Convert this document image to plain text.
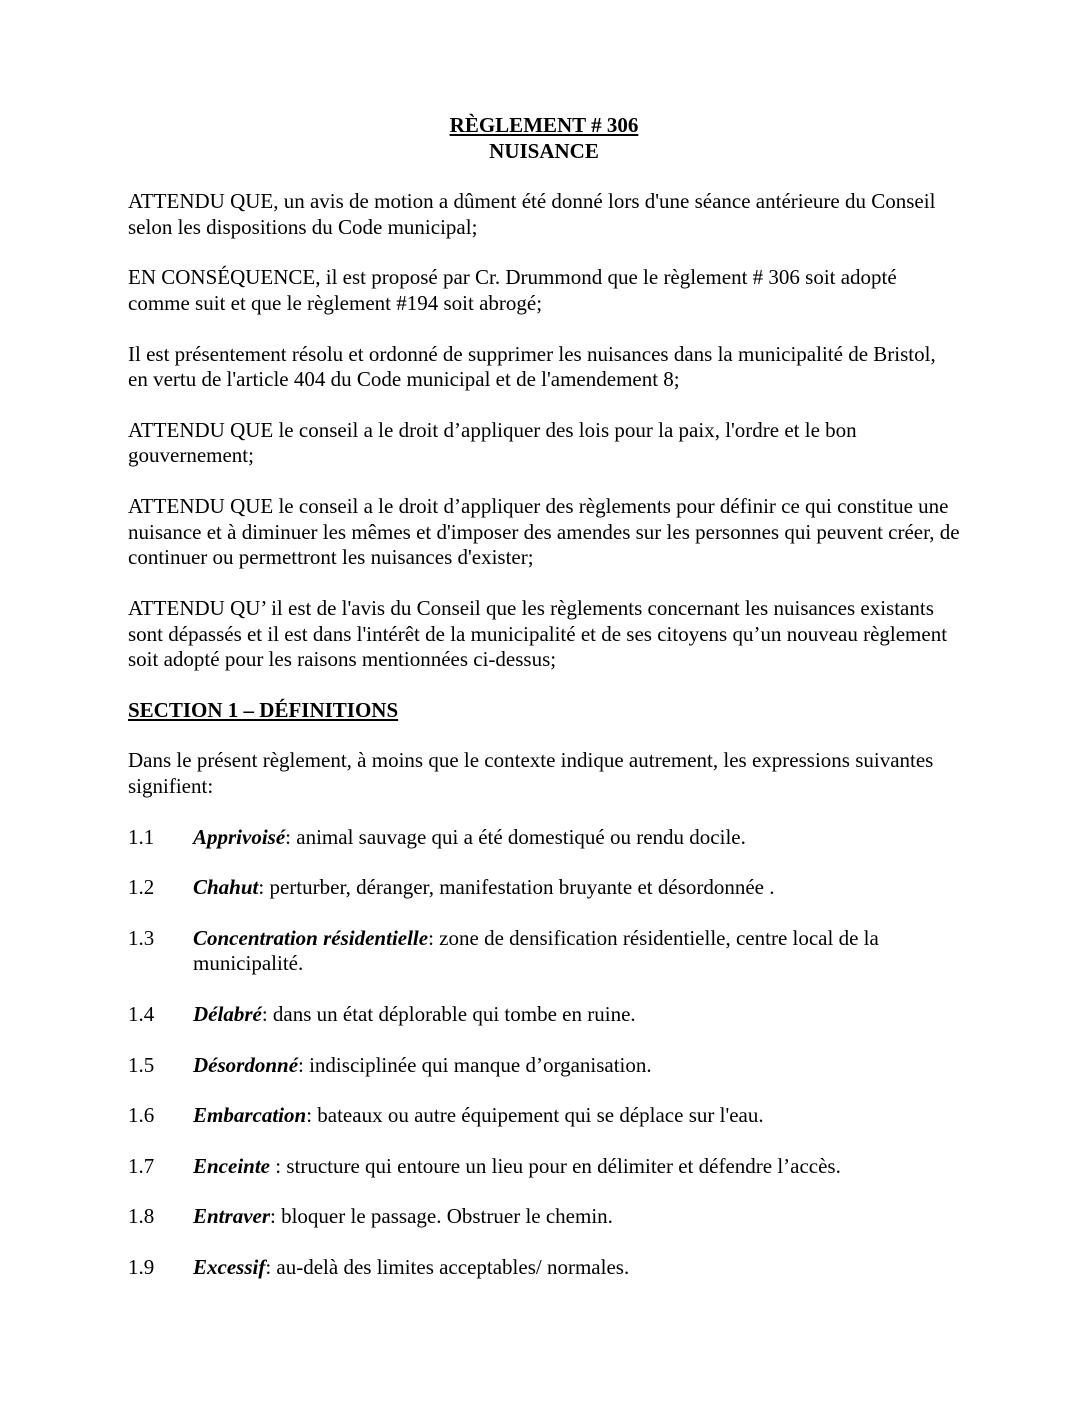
RÈGLEMENT # 306
NUISANCE

ATTENDU QUE, un avis de motion a dûment été donné lors d'une séance antérieure du Conseil selon les dispositions du Code municipal;

EN CONSÉQUENCE, il est proposé par Cr. Drummond que le règlement # 306 soit adopté comme suit et que le règlement #194 soit abrogé;

Il est présentement résolu et ordonné de supprimer les nuisances dans la municipalité de Bristol, en vertu de l'article 404 du Code municipal et de l'amendement 8;

ATTENDU QUE le conseil a le droit d’appliquer des lois pour la paix, l'ordre et le bon gouvernement;

ATTENDU QUE le conseil a le droit d’appliquer des règlements pour définir ce qui constitue une nuisance et à diminuer les mêmes et d'imposer des amendes sur les personnes qui peuvent créer, de continuer ou permettront les nuisances d'exister;

ATTENDU QU’ il est de l'avis du Conseil que les règlements concernant les nuisances existants sont dépassés et il est dans l'intérêt de la municipalité et de ses citoyens qu’un nouveau règlement soit adopté pour les raisons mentionnées ci-dessus;

SECTION 1 – DÉFINITIONS

Dans le présent règlement, à moins que le contexte indique autrement, les expressions suivantes signifient:

1.1	Apprivoisé: animal sauvage qui a été domestiqué ou rendu docile.
1.2	Chahut: perturber, déranger, manifestation bruyante et désordonnée .
1.3	Concentration résidentielle: zone de densification résidentielle, centre local de la municipalité.
1.4	Délabré: dans un état déplorable qui tombe en ruine.
1.5	Désordonné: indisciplinée qui manque d’organisation.
1.6	Embarcation: bateaux ou autre équipement qui se déplace sur l'eau.
1.7	Enceinte : structure qui entoure un lieu pour en délimiter et défendre l’accès.
1.8	Entraver: bloquer le passage. Obstruer le chemin.
1.9	Excessif: au-delà des limites acceptables/ normales.
